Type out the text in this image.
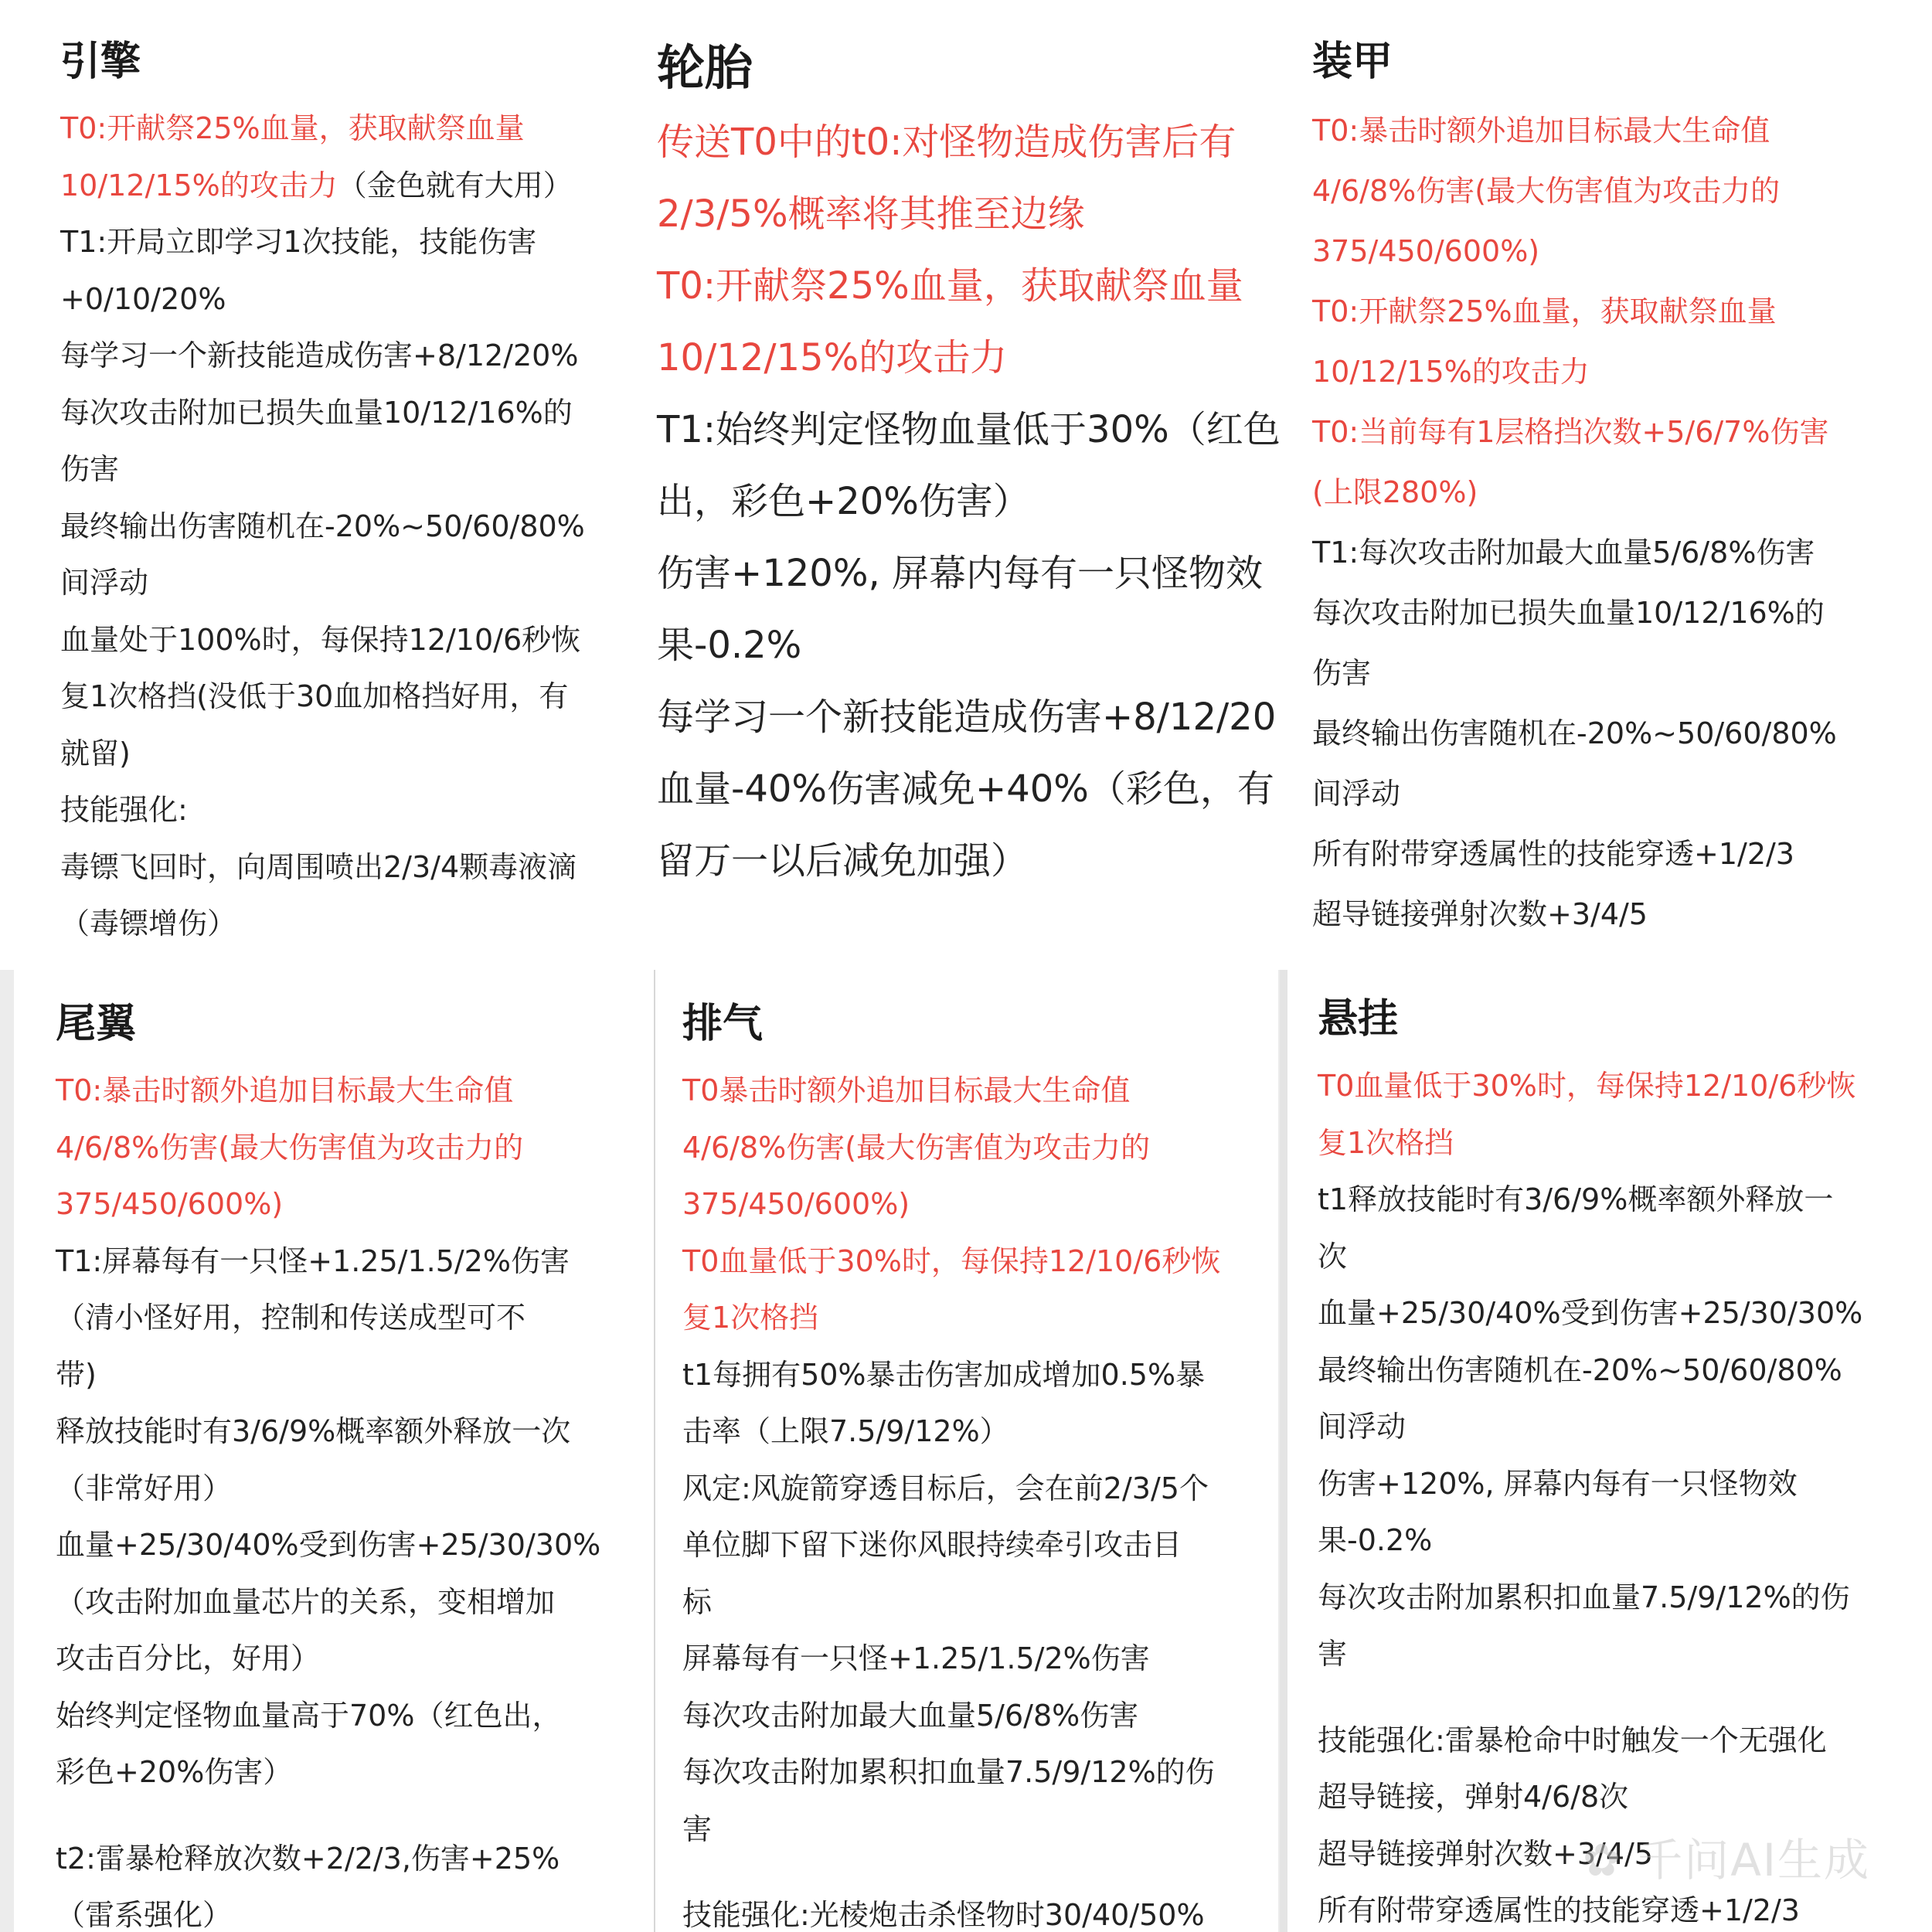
引擎
T0:开献祭25%血量，获取献祭血量
10/12/15%的攻击力（金色就有大用）
T1:开局立即学习1次技能，技能伤害
+0/10/20%
每学习一个新技能造成伤害+8/12/20%
每次攻击附加已损失血量10/12/16%的
伤害
最终输出伤害随机在-20%~50/60/80%
间浮动
血量处于100%时，每保持12/10/6秒恢
复1次格挡(没低于30血加格挡好用，有
就留)
技能强化:
毒镖飞回时，向周围喷出2/3/4颗毒液滴
（毒镖增伤）
轮胎
传送T0中的t0:对怪物造成伤害后有
2/3/5%概率将其推至边缘
T0:开献祭25%血量，获取献祭血量
10/12/15%的攻击力
T1:始终判定怪物血量低于30%（红色
出，彩色+20%伤害）
伤害+120%, 屏幕内每有一只怪物效
果-0.2%
每学习一个新技能造成伤害+8/12/20
血量-40%伤害减免+40%（彩色，有
留万一以后减免加强）
装甲
T0:暴击时额外追加目标最大生命值
4/6/8%伤害(最大伤害值为攻击力的
375/450/600%)
T0:开献祭25%血量，获取献祭血量
10/12/15%的攻击力
T0:当前每有1层格挡次数+5/6/7%伤害
(上限280%)
T1:每次攻击附加最大血量5/6/8%伤害
每次攻击附加已损失血量10/12/16%的
伤害
最终输出伤害随机在-20%~50/60/80%
间浮动
所有附带穿透属性的技能穿透+1/2/3
超导链接弹射次数+3/4/5
尾翼
T0:暴击时额外追加目标最大生命值
4/6/8%伤害(最大伤害值为攻击力的
375/450/600%)
T1:屏幕每有一只怪+1.25/1.5/2%伤害
（清小怪好用，控制和传送成型可不
带)
释放技能时有3/6/9%概率额外释放一次
（非常好用）
血量+25/30/40%受到伤害+25/30/30%
（攻击附加血量芯片的关系，变相增加
攻击百分比，好用）
始终判定怪物血量高于70%（红色出，
彩色+20%伤害）
t2:雷暴枪释放次数+2/2/3,伤害+25%
（雷系强化）
排气
T0暴击时额外追加目标最大生命值
4/6/8%伤害(最大伤害值为攻击力的
375/450/600%)
T0血量低于30%时，每保持12/10/6秒恢
复1次格挡
t1每拥有50%暴击伤害加成增加0.5%暴
击率（上限7.5/9/12%）
风定:风旋箭穿透目标后，会在前2/3/5个
单位脚下留下迷你风眼持续牵引攻击目
标
屏幕每有一只怪+1.25/1.5/2%伤害
每次攻击附加最大血量5/6/8%伤害
每次攻击附加累积扣血量7.5/9/12%的伤
害
技能强化:光棱炮击杀怪物时30/40/50%
悬挂
T0血量低于30%时，每保持12/10/6秒恢
复1次格挡
t1释放技能时有3/6/9%概率额外释放一
次
血量+25/30/40%受到伤害+25/30/30%
最终输出伤害随机在-20%~50/60/80%
间浮动
伤害+120%, 屏幕内每有一只怪物效
果-0.2%
每次攻击附加累积扣血量7.5/9/12%的伤
害
技能强化:雷暴枪命中时触发一个无强化
超导链接，弹射4/6/8次
超导链接弹射次数+3/4/5
所有附带穿透属性的技能穿透+1/2/3
✿ 千问AI生成
